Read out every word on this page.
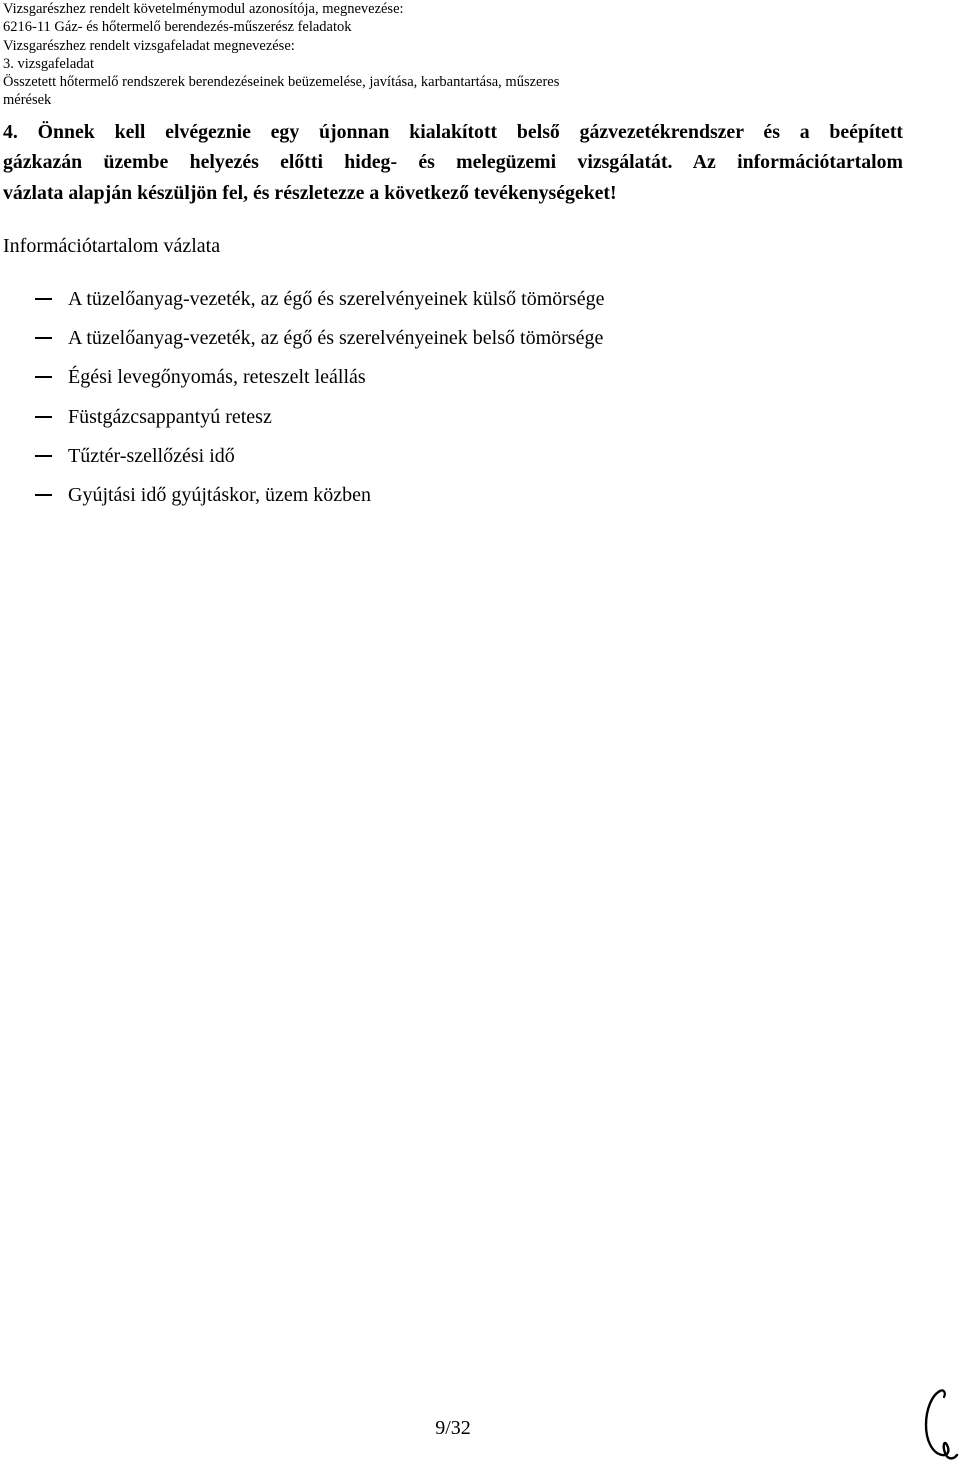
Vizsgarészhez rendelt követelménymodul azonosítója, megnevezése:
6216-11 Gáz- és hőtermelő berendezés-műszerész feladatok
Vizsgarészhez rendelt vizsgafeladat megnevezése:
3. vizsgafeladat
Összetett hőtermelő rendszerek berendezéseinek beüzemelése, javítása, karbantartása, műszeres
mérések
4. Önnek kell elvégeznie egy újonnan kialakított belső gázvezetékrendszer és a beépített
gázkazán üzembe helyezés előtti hideg- és melegüzemi vizsgálatát. Az információtartalom
vázlata alapján készüljön fel, és részletezze a következő tevékenységeket!
Információtartalom vázlata
A tüzelőanyag-vezeték, az égő és szerelvényeinek külső tömörsége
A tüzelőanyag-vezeték, az égő és szerelvényeinek belső tömörsége
Égési levegőnyomás, reteszelt leállás
Füstgázcsappantyú retesz
Tűztér-szellőzési idő
Gyújtási idő gyújtáskor, üzem közben
9/32
